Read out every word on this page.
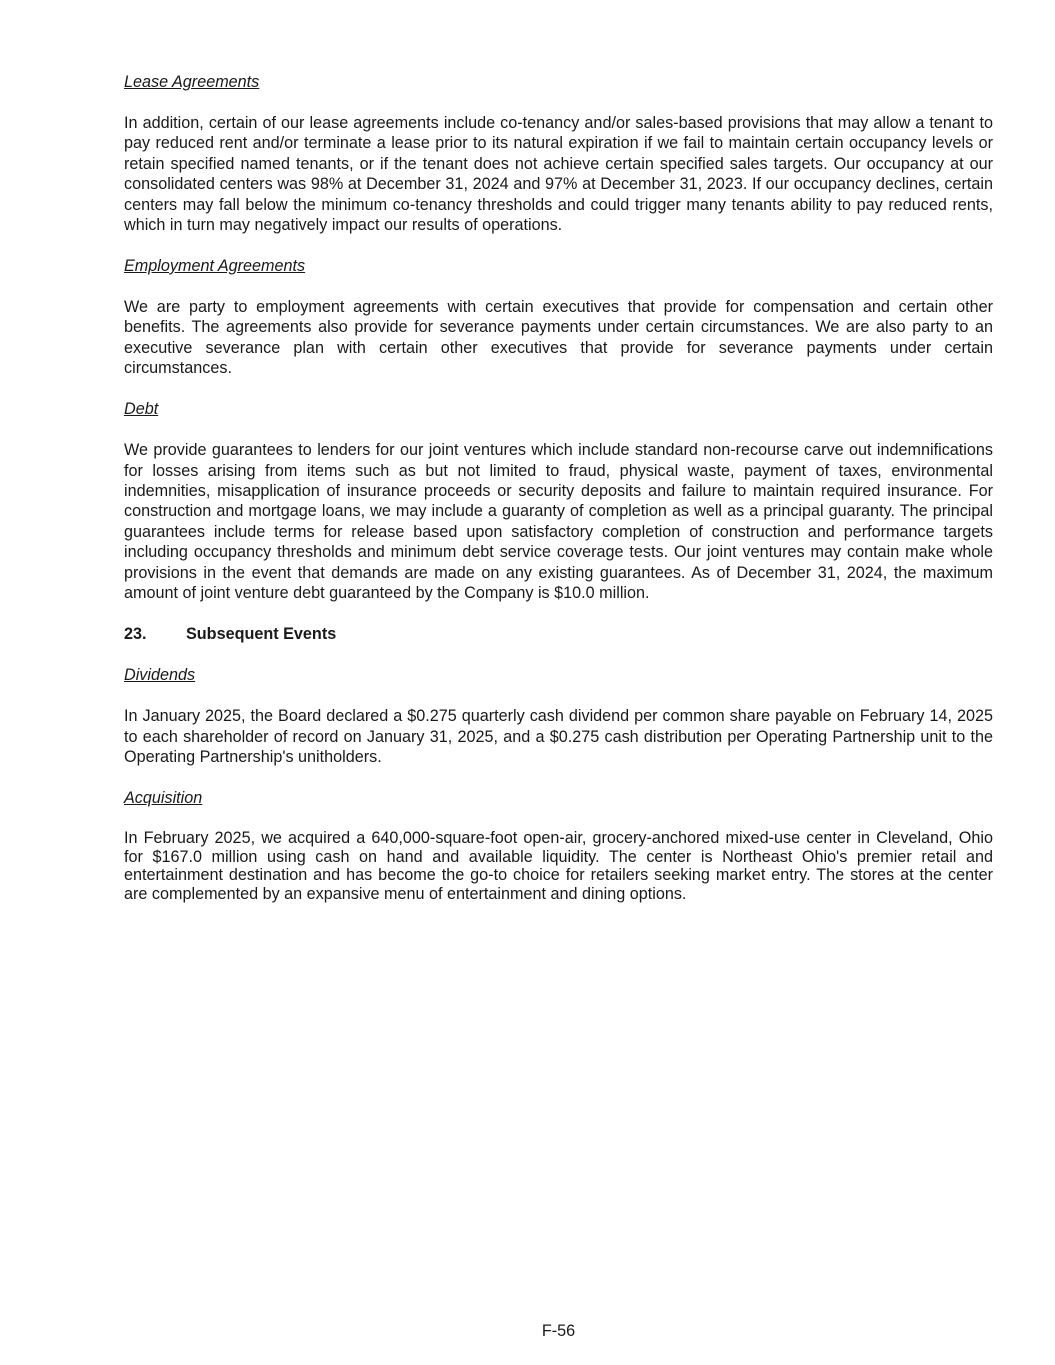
Lease Agreements
In addition, certain of our lease agreements include co-tenancy and/or sales-based provisions that may allow a tenant to pay reduced rent and/or terminate a lease prior to its natural expiration if we fail to maintain certain occupancy levels or retain specified named tenants, or if the tenant does not achieve certain specified sales targets. Our occupancy at our consolidated centers was 98% at December 31, 2024 and 97% at December 31, 2023. If our occupancy declines, certain centers may fall below the minimum co-tenancy thresholds and could trigger many tenants ability to pay reduced rents, which in turn may negatively impact our results of operations.
Employment Agreements
We are party to employment agreements with certain executives that provide for compensation and certain other benefits. The agreements also provide for severance payments under certain circumstances. We are also party to an executive severance plan with certain other executives that provide for severance payments under certain circumstances.
Debt
We provide guarantees to lenders for our joint ventures which include standard non-recourse carve out indemnifications for losses arising from items such as but not limited to fraud, physical waste, payment of taxes, environmental indemnities, misapplication of insurance proceeds or security deposits and failure to maintain required insurance. For construction and mortgage loans, we may include a guaranty of completion as well as a principal guaranty. The principal guarantees include terms for release based upon satisfactory completion of construction and performance targets including occupancy thresholds and minimum debt service coverage tests. Our joint ventures may contain make whole provisions in the event that demands are made on any existing guarantees. As of December 31, 2024, the maximum amount of joint venture debt guaranteed by the Company is $10.0 million.
23.	Subsequent Events
Dividends
In January 2025, the Board declared a $0.275 quarterly cash dividend per common share payable on February 14, 2025 to each shareholder of record on January 31, 2025, and a $0.275 cash distribution per Operating Partnership unit to the Operating Partnership's unitholders.
Acquisition
In February 2025, we acquired a 640,000-square-foot open-air, grocery-anchored mixed-use center in Cleveland, Ohio for $167.0 million using cash on hand and available liquidity. The center is Northeast Ohio's premier retail and entertainment destination and has become the go-to choice for retailers seeking market entry. The stores at the center are complemented by an expansive menu of entertainment and dining options.
F-56
